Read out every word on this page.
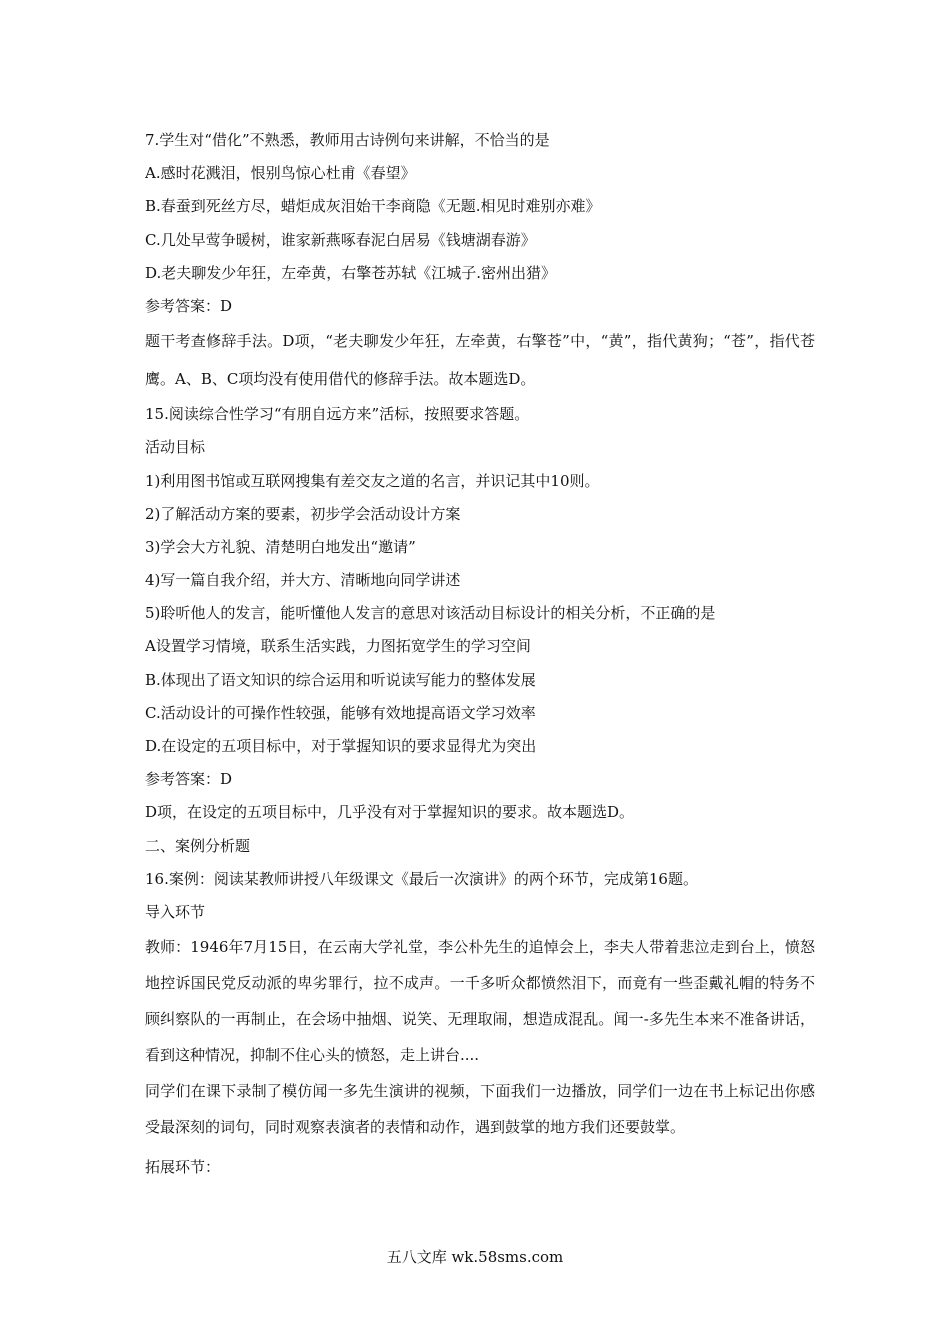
7.学生对“借化”不熟悉，教师用古诗例句来讲解，不恰当的是
A.感时花溅泪，恨别鸟惊心杜甫《春望》
B.春蚕到死丝方尽，蜡炬成灰泪始干李商隐《无题.相见时难别亦难》
C.几处早莺争暖树，谁家新燕啄春泥白居易《钱塘湖春游》
D.老夫聊发少年狂，左牵黄，右擎苍苏轼《江城子.密州出猎》
参考答案：D
题干考查修辞手法。D项，“老夫聊发少年狂，左牵黄，右擎苍”中，“黄”，指代黄狗；“苍”，指代苍鹰。A、B、C项均没有使用借代的修辞手法。故本题选D。
15.阅读综合性学习“有朋自远方来”活标，按照要求答题。
活动目标
1)利用图书馆或互联网搜集有差交友之道的名言，并识记其中10则。
2)了解活动方案的要素，初步学会活动设计方案
3)学会大方礼貌、清楚明白地发出“邀请”
4)写一篇自我介绍，并大方、清晰地向同学讲述
5)聆听他人的发言，能听懂他人发言的意思对该活动目标设计的相关分析，不正确的是
A设置学习情境，联系生活实践，力图拓宽学生的学习空间
B.体现出了语文知识的综合运用和听说读写能力的整体发展
C.活动设计的可操作性较强，能够有效地提高语文学习效率
D.在设定的五项目标中，对于掌握知识的要求显得尤为突出
参考答案：D
D项，在设定的五项目标中，几乎没有对于掌握知识的要求。故本题选D。
二、案例分析题
16.案例：阅读某教师讲授八年级课文《最后一次演讲》的两个环节，完成第16题。
导入环节
教师：1946年7月15日，在云南大学礼堂，李公朴先生的追悼会上，李夫人带着悲泣走到台上，愤怒地控诉国民党反动派的卑劣罪行，拉不成声。一千多听众都愤然泪下，而竟有一些歪戴礼帽的特务不顾纠察队的一再制止，在会场中抽烟、说笑、无理取闹，想造成混乱。闻一-多先生本来不准备讲话，看到这种情况，抑制不住心头的愤怒，走上讲台....
同学们在课下录制了模仿闻一多先生演讲的视频，下面我们一边播放，同学们一边在书上标记出你感受最深刻的词句，同时观察表演者的表情和动作，遇到鼓掌的地方我们还要鼓掌。
拓展环节：
五八文库 wk.58sms.com
